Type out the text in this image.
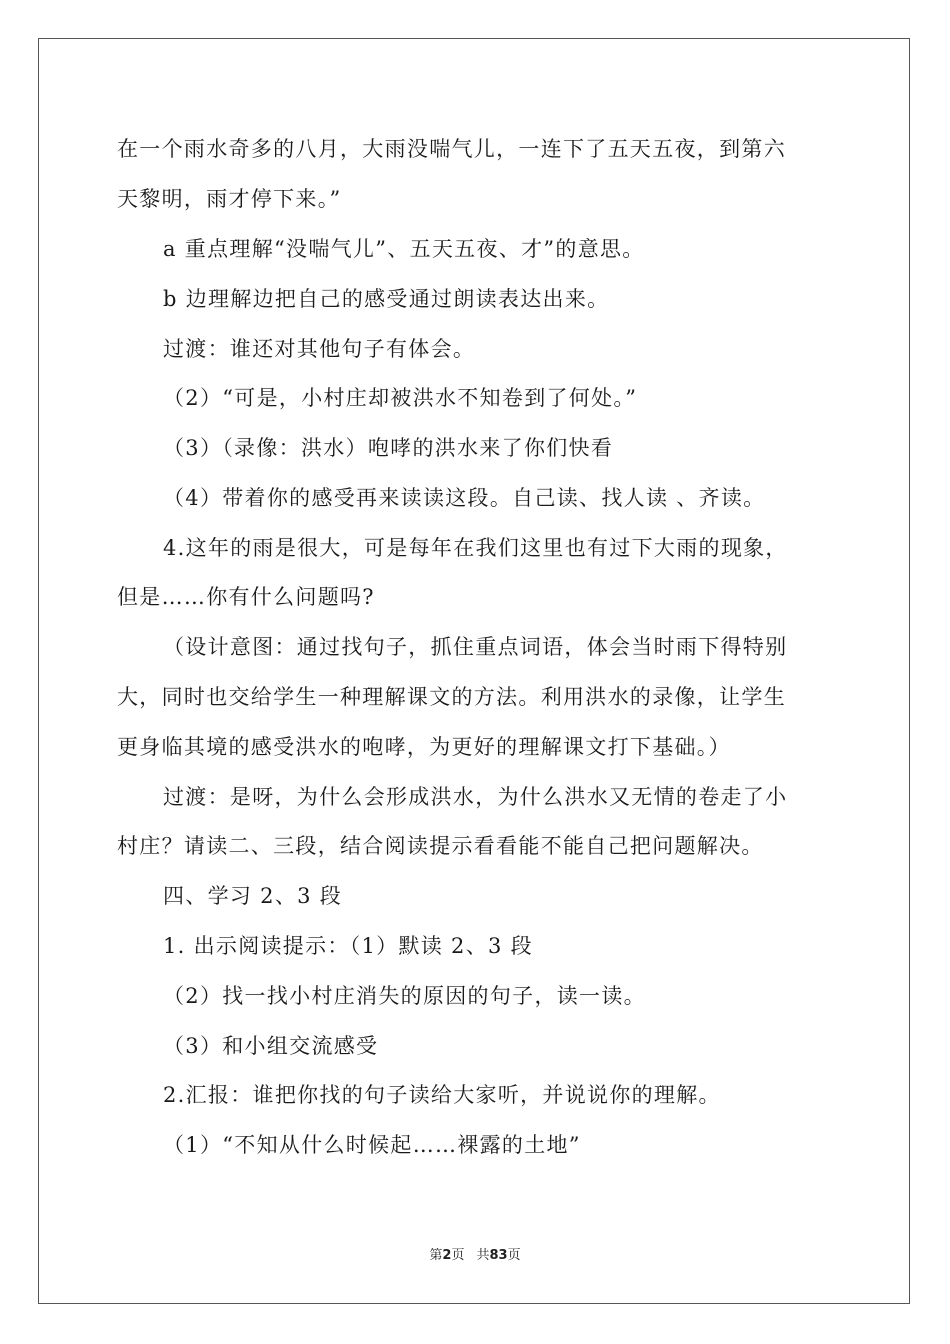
在一个雨水奇多的八月，大雨没喘气儿，一连下了五天五夜，到第六
天黎明，雨才停下来。”
a 重点理解“没喘气儿”、五天五夜、才”的意思。
b 边理解边把自己的感受通过朗读表达出来。
过渡：谁还对其他句子有体会。
（2）“可是，小村庄却被洪水不知卷到了何处。”
（3）（录像：洪水）咆哮的洪水来了你们快看
（4）带着你的感受再来读读这段。自己读、找人读 、齐读。
4.这年的雨是很大，可是每年在我们这里也有过下大雨的现象，
但是……你有什么问题吗?
（设计意图：通过找句子，抓住重点词语，体会当时雨下得特别
大，同时也交给学生一种理解课文的方法。利用洪水的录像，让学生
更身临其境的感受洪水的咆哮，为更好的理解课文打下基础。）
过渡：是呀，为什么会形成洪水，为什么洪水又无情的卷走了小
村庄？请读二、三段，结合阅读提示看看能不能自己把问题解决。
四、学习 2、3 段
1. 出示阅读提示：（1）默读 2、3 段
（2）找一找小村庄消失的原因的句子，读一读。
（3）和小组交流感受
2.汇报：谁把你找的句子读给大家听，并说说你的理解。
（1）“不知从什么时候起……裸露的土地”
第2页 共83页
